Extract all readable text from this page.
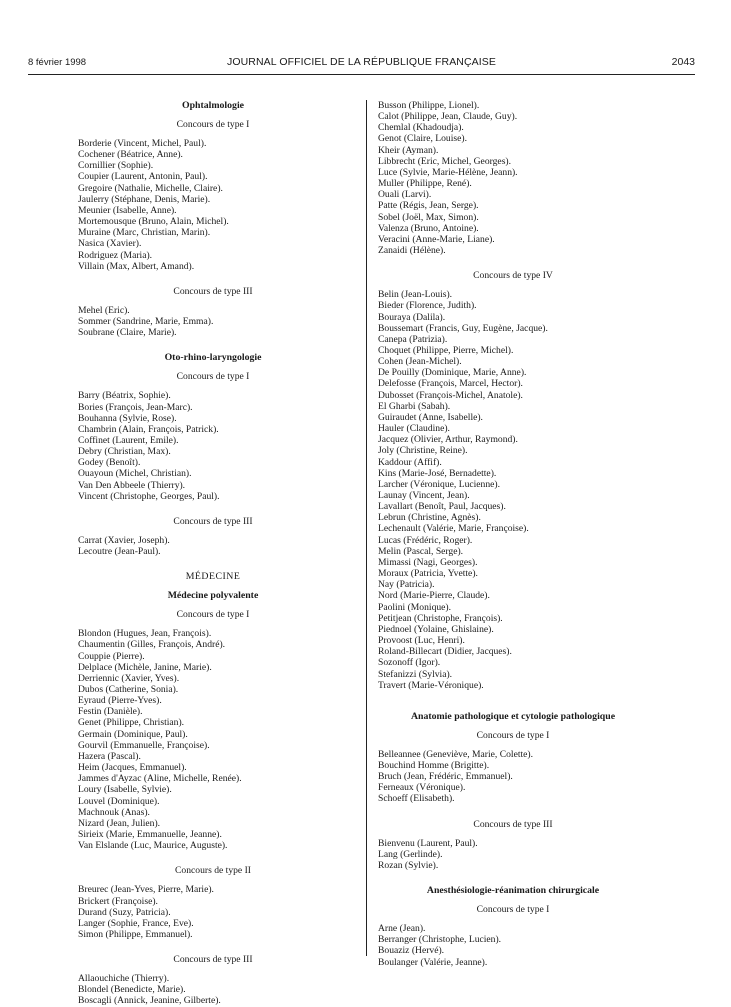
8 février 1998	JOURNAL OFFICIEL DE LA RÉPUBLIQUE FRANÇAISE	2043
Ophtalmologie
Concours de type I
Borderie (Vincent, Michel, Paul).
Cochener (Béatrice, Anne).
Cornillier (Sophie).
Coupier (Laurent, Antonin, Paul).
Gregoire (Nathalie, Michelle, Claire).
Jaulerry (Stéphane, Denis, Marie).
Meunier (Isabelle, Anne).
Mortemousque (Bruno, Alain, Michel).
Muraine (Marc, Christian, Marin).
Nasica (Xavier).
Rodriguez (Maria).
Villain (Max, Albert, Amand).
Concours de type III
Mehel (Eric).
Sommer (Sandrine, Marie, Emma).
Soubrane (Claire, Marie).
Oto-rhino-laryngologie
Concours de type I
Barry (Béatrix, Sophie).
Bories (François, Jean-Marc).
Bouhanna (Sylvie, Rose).
Chambrin (Alain, François, Patrick).
Coffinet (Laurent, Emile).
Debry (Christian, Max).
Godey (Benoît).
Ouayoun (Michel, Christian).
Van Den Abbeele (Thierry).
Vincent (Christophe, Georges, Paul).
Concours de type III
Carrat (Xavier, Joseph).
Lecoutre (Jean-Paul).
MÉDECINE
Médecine polyvalente
Concours de type I
Blondon (Hugues, Jean, François).
Chaumentin (Gilles, François, André).
Couppie (Pierre).
Delplace (Michèle, Janine, Marie).
Derriennic (Xavier, Yves).
Dubos (Catherine, Sonia).
Eyraud (Pierre-Yves).
Festin (Danièle).
Genet (Philippe, Christian).
Germain (Dominique, Paul).
Gourvil (Emmanuelle, Françoise).
Hazera (Pascal).
Heim (Jacques, Emmanuel).
Jammes d'Ayzac (Aline, Michelle, Renée).
Loury (Isabelle, Sylvie).
Louvel (Dominique).
Machnouk (Anas).
Nizard (Jean, Julien).
Sirieix (Marie, Emmanuelle, Jeanne).
Van Elslande (Luc, Maurice, Auguste).
Concours de type II
Breurec (Jean-Yves, Pierre, Marie).
Brickert (Françoise).
Durand (Suzy, Patricia).
Langer (Sophie, France, Eve).
Simon (Philippe, Emmanuel).
Concours de type III
Allaouchiche (Thierry).
Blondel (Benedicte, Marie).
Boscagli (Annick, Jeanine, Gilberte).
Busson (Philippe, Lionel).
Calot (Philippe, Jean, Claude, Guy).
Chemlal (Khadoudja).
Genot (Claire, Louise).
Kheir (Ayman).
Libbrecht (Eric, Michel, Georges).
Luce (Sylvie, Marie-Hélène, Jeann).
Muller (Philippe, René).
Ouali (Larvi).
Patte (Régis, Jean, Serge).
Sobel (Joël, Max, Simon).
Valenza (Bruno, Antoine).
Veracini (Anne-Marie, Liane).
Zanaidi (Hélène).
Concours de type IV
Belin (Jean-Louis).
Bieder (Florence, Judith).
Bouraya (Dalila).
Boussemart (Francis, Guy, Eugène, Jacque).
Canepa (Patrizia).
Choquet (Philippe, Pierre, Michel).
Cohen (Jean-Michel).
De Pouilly (Dominique, Marie, Anne).
Delefosse (François, Marcel, Hector).
Dubosset (François-Michel, Anatole).
El Gharbi (Sabah).
Guiraudet (Anne, Isabelle).
Hauler (Claudine).
Jacquez (Olivier, Arthur, Raymond).
Joly (Christine, Reine).
Kaddour (Affif).
Kins (Marie-José, Bernadette).
Larcher (Véronique, Lucienne).
Launay (Vincent, Jean).
Lavallart (Benoît, Paul, Jacques).
Lebrun (Christine, Agnès).
Lechenault (Valérie, Marie, Françoise).
Lucas (Frédéric, Roger).
Melin (Pascal, Serge).
Mimassi (Nagi, Georges).
Moraux (Patricia, Yvette).
Nay (Patricia).
Nord (Marie-Pierre, Claude).
Paolini (Monique).
Petitjean (Christophe, François).
Piednoel (Yolaine, Ghislaine).
Provoost (Luc, Henri).
Roland-Billecart (Didier, Jacques).
Sozonoff (Igor).
Stefanizzi (Sylvia).
Travert (Marie-Véronique).
Anatomie pathologique et cytologie pathologique
Concours de type I
Belleannee (Geneviève, Marie, Colette).
Bouchind Homme (Brigitte).
Bruch (Jean, Frédéric, Emmanuel).
Ferneaux (Véronique).
Schoeff (Elisabeth).
Concours de type III
Bienvenu (Laurent, Paul).
Lang (Gerlinde).
Rozan (Sylvie).
Anesthésiologie-réanimation chirurgicale
Concours de type I
Arne (Jean).
Berranger (Christophe, Lucien).
Bouaziz (Hervé).
Boulanger (Valérie, Jeanne).
